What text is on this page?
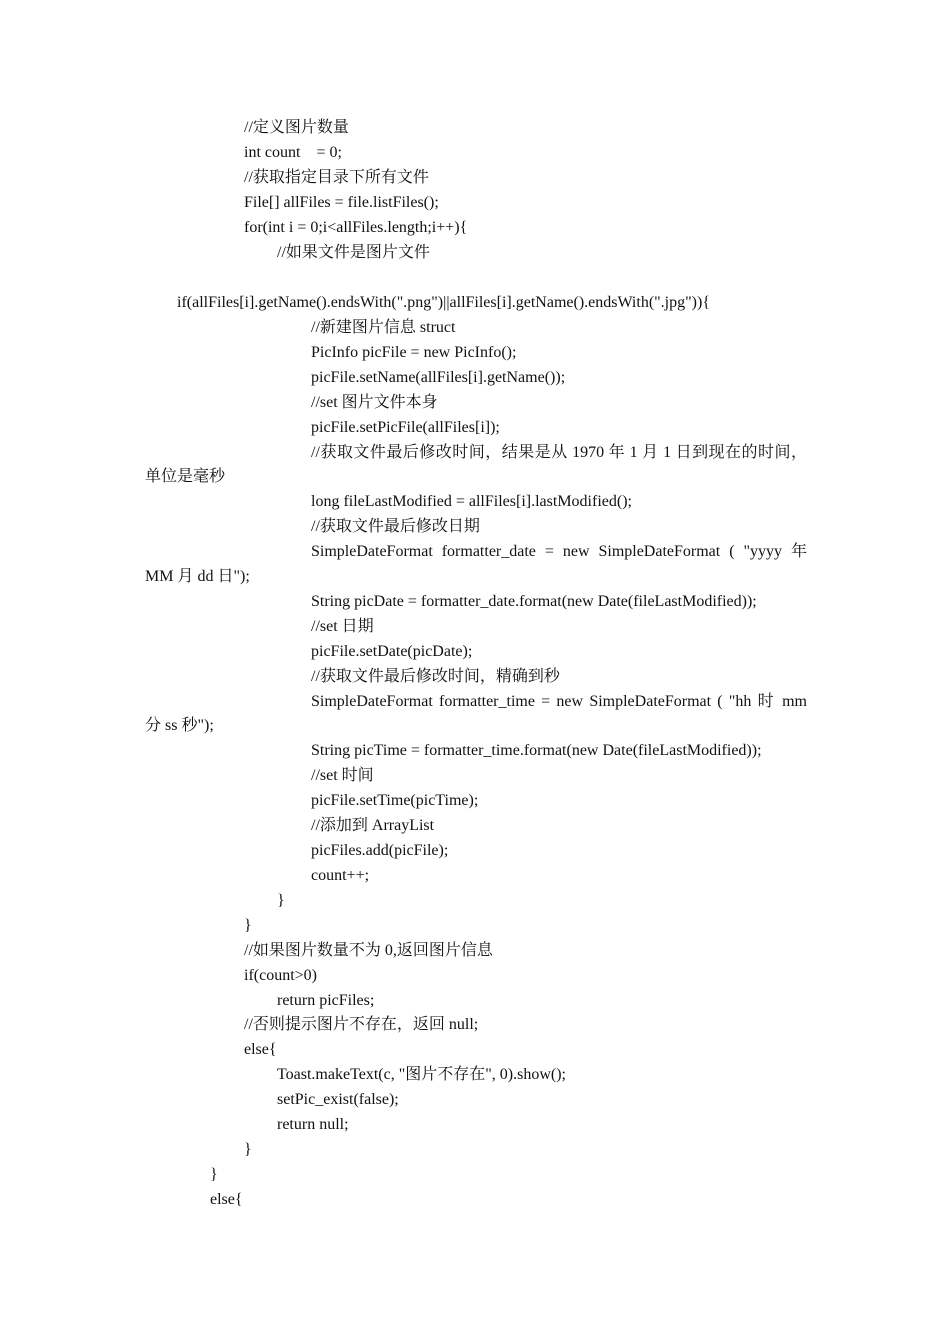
//定义图片数量
int count    = 0;
//获取指定目录下所有文件
File[] allFiles = file.listFiles();
for(int i = 0;i<allFiles.length;i++){
//如果文件是图片文件
if(allFiles[i].getName().endsWith(".png")||allFiles[i].getName().endsWith(".jpg")){
//新建图片信息 struct
PicInfo picFile = new PicInfo();
picFile.setName(allFiles[i].getName());
//set 图片文件本身
picFile.setPicFile(allFiles[i]);
//获取文件最后修改时间，结果是从 1970 年 1 月 1 日到现在的时间，
单位是毫秒
long fileLastModified = allFiles[i].lastModified();
//获取文件最后修改日期
SimpleDateFormat formatter_date = new SimpleDateFormat ( "yyyy 年
MM 月 dd 日");
String picDate = formatter_date.format(new Date(fileLastModified));
//set 日期
picFile.setDate(picDate);
//获取文件最后修改时间，精确到秒
SimpleDateFormat formatter_time = new SimpleDateFormat ( "hh 时 mm
分 ss 秒");
String picTime = formatter_time.format(new Date(fileLastModified));
//set 时间
picFile.setTime(picTime);
//添加到 ArrayList
picFiles.add(picFile);
count++;
}
}
//如果图片数量不为 0,返回图片信息
if(count>0)
return picFiles;
//否则提示图片不存在，返回 null;
else{
Toast.makeText(c, "图片不存在", 0).show();
setPic_exist(false);
return null;
}
}
else{
